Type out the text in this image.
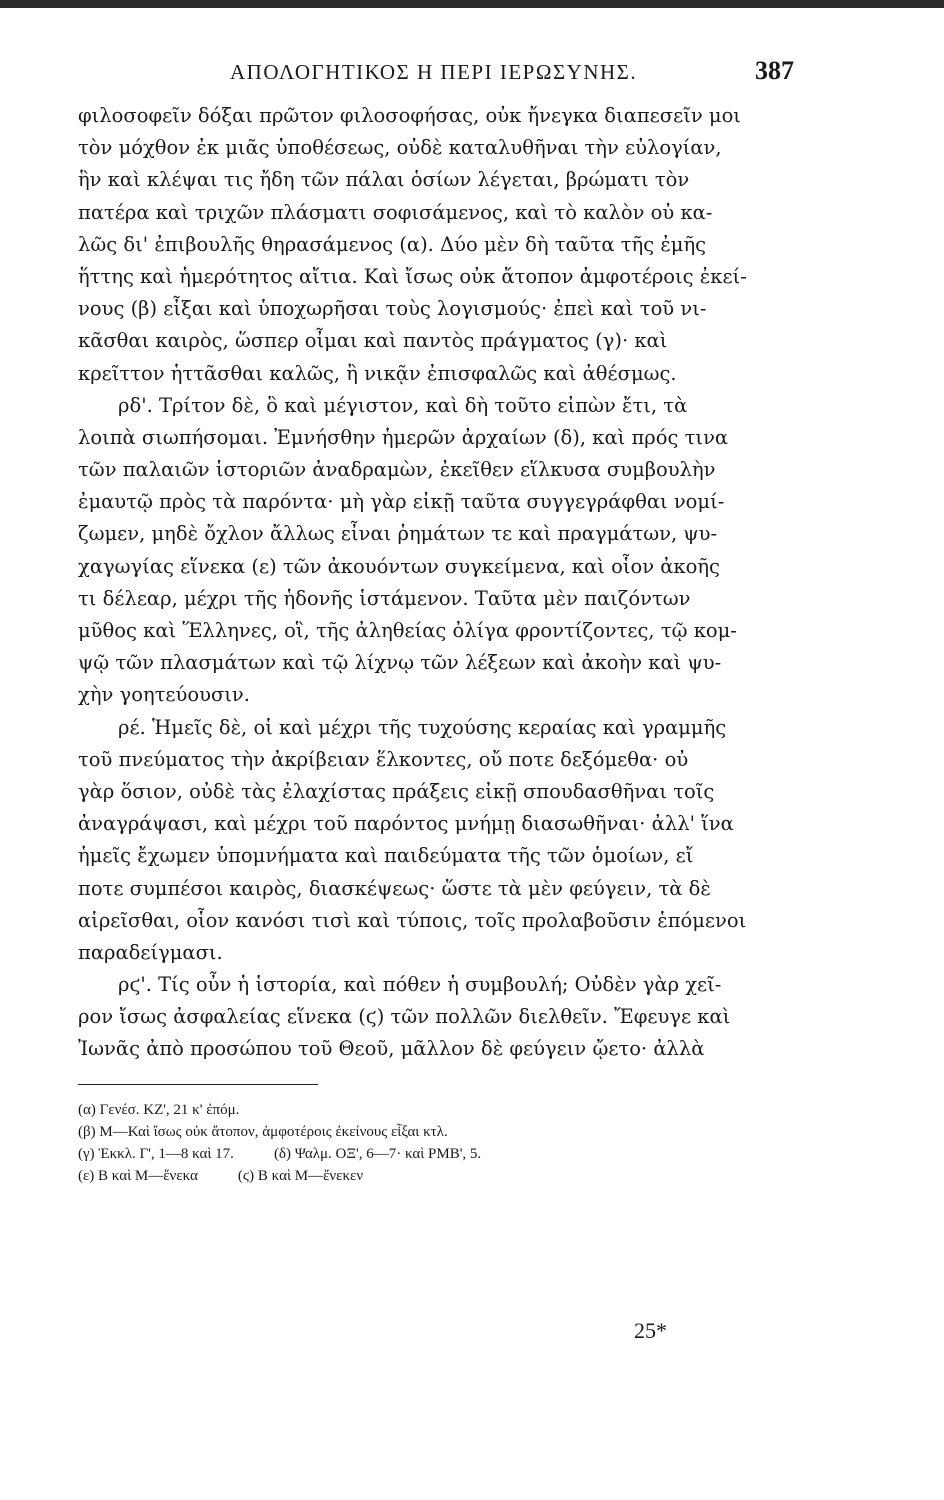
ΑΠΟΛΟΓΗΤΙΚΟΣ Η ΠΕΡΙ ΙΕΡΩΣΥΝΗΣ.	387
φιλοσοφεῖν δόξαι πρῶτον φιλοσοφήσας, οὐκ ἤνεγκα διαπεσεῖν μοι
τὸν μόχθον ἐκ μιᾶς ὑποθέσεως, οὐδὲ καταλυθῆναι τὴν εὐλογίαν,
ἣν καὶ κλέψαι τις ἤδη τῶν πάλαι ὁσίων λέγεται, βρώματι τὸν
πατέρα καὶ τριχῶν πλάσματι σοφισάμενος, καὶ τὸ καλὸν οὐ κα-
λῶς δι' ἐπιβουλῆς θηρασάμενος (α). Δύο μὲν δὴ ταῦτα τῆς ἐμῆς
ἥττης καὶ ἡμερότητος αἴτια. Καὶ ἴσως οὐκ ἄτοπον ἀμφοτέροις ἐκεί-
νους (β) εἶξαι καὶ ὑποχωρῆσαι τοὺς λογισμούς· ἐπεὶ καὶ τοῦ νι-
κᾶσθαι καιρὸς, ὥσπερ οἶμαι καὶ παντὸς πράγματος (γ)· καὶ
κρεῖττον ἡττᾶσθαι καλῶς, ἢ νικᾷν ἐπισφαλῶς καὶ ἀθέσμως.
ρδ'. Τρίτον δὲ, ὃ καὶ μέγιστον, καὶ δὴ τοῦτο εἰπὼν ἔτι, τὰ
λοιπὰ σιωπήσομαι. Ἐμνήσθην ἡμερῶν ἀρχαίων (δ), καὶ πρός τινα
τῶν παλαιῶν ἱστοριῶν ἀναδραμὼν, ἐκεῖθεν εἵλκυσα συμβουλὴν
ἐμαυτῷ πρὸς τὰ παρόντα· μὴ γὰρ εἰκῇ ταῦτα συγγεγράφθαι νομί-
ζωμεν, μηδὲ ὄχλον ἄλλως εἶναι ῥημάτων τε καὶ πραγμάτων, ψυ-
χαγωγίας εἵνεκα (ε) τῶν ἀκουόντων συγκείμενα, καὶ οἷον ἀκοῆς
τι δέλεαρ, μέχρι τῆς ἡδονῆς ἱστάμενον. Ταῦτα μὲν παιζόντων
μῦθος καὶ Ἕλληνες, οἳ, τῆς ἀληθείας ὀλίγα φροντίζοντες, τῷ κομ-
ψῷ τῶν πλασμάτων καὶ τῷ λίχνῳ τῶν λέξεων καὶ ἀκοὴν καὶ ψυ-
χὴν γοητεύουσιν.
ρέ. Ἡμεῖς δὲ, οἱ καὶ μέχρι τῆς τυχούσης κεραίας καὶ γραμμῆς
τοῦ πνεύματος τὴν ἀκρίβειαν ἕλκοντες, οὔ ποτε δεξόμεθα· οὐ
γὰρ ὅσιον, οὐδὲ τὰς ἐλαχίστας πράξεις εἰκῇ σπουδασθῆναι τοῖς
ἀναγράψασι, καὶ μέχρι τοῦ παρόντος μνήμῃ διασωθῆναι· ἀλλ' ἵνα
ἡμεῖς ἔχωμεν ὑπομνήματα καὶ παιδεύματα τῆς τῶν ὁμοίων, εἴ
ποτε συμπέσοι καιρὸς, διασκέψεως· ὥστε τὰ μὲν φεύγειν, τὰ δὲ
αἱρεῖσθαι, οἷον κανόσι τισὶ καὶ τύποις, τοῖς προλαβοῦσιν ἑπόμενοι
παραδείγμασι.
ρϛ'. Τίς οὖν ἡ ἱστορία, καὶ πόθεν ἡ συμβουλή; Οὐδὲν γὰρ χεῖ-
ρον ἴσως ἀσφαλείας εἵνεκα (ϛ) τῶν πολλῶν διελθεῖν. Ἔφευγε καὶ
Ἰωνᾶς ἀπὸ προσώπου τοῦ Θεοῦ, μᾶλλον δὲ φεύγειν ᾤετο· ἀλλὰ
(α) Γενέσ. ΚΖ', 21 κ' ἐπόμ.
(β) Μ—Καὶ ἴσως οὐκ ἄτοπον, ἀμφοτέροις ἐκείνους εἶξαι κτλ.
(γ) Ἐκκλ. Γ', 1—8 καὶ 17.	(δ) Ψαλμ. ΟΞ', 6—7· καὶ ΡΜΒ', 5.
(ε) Β καὶ Μ—ἕνεκα	(ϛ) Β καὶ Μ—ἕνεκεν
25*
